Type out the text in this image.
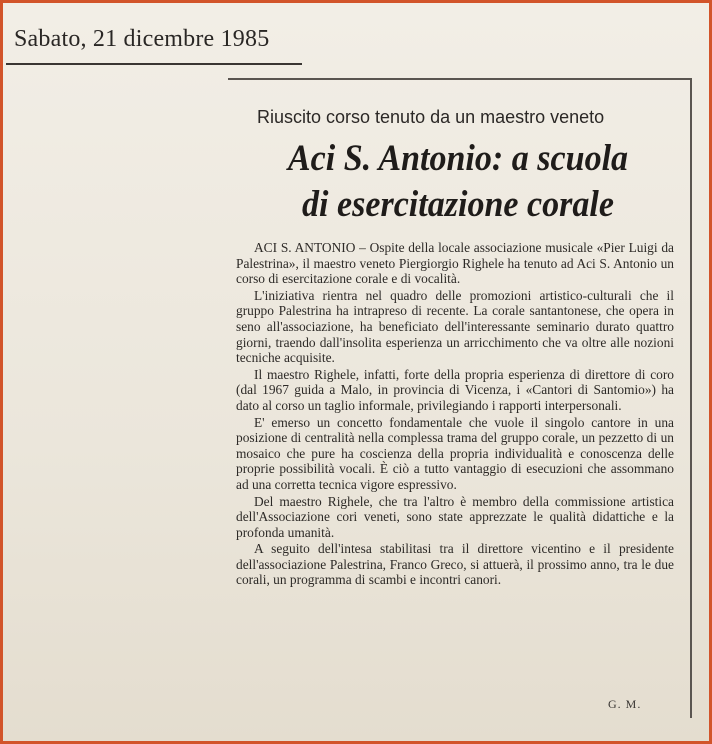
Sabato, 21 dicembre 1985
Riuscito corso tenuto da un maestro veneto
Aci S. Antonio: a scuola
di esercitazione corale

ACI S. ANTONIO – Ospite della locale associazione musicale «Pier Luigi da Palestrina», il maestro veneto Piergiorgio Righele ha tenuto ad Aci S. Antonio un corso di esercitazione corale e di vocalità.

L'iniziativa rientra nel quadro delle promozioni artistico-culturali che il gruppo Palestrina ha intrapreso di recente. La corale santantonese, che opera in seno all'associazione, ha beneficiato dell'interessante seminario durato quattro giorni, traendo dall'insolita esperienza un arricchimento che va oltre alle nozioni tecniche acquisite.

Il maestro Righele, infatti, forte della propria esperienza di direttore di coro (dal 1967 guida a Malo, in provincia di Vicenza, i «Cantori di Santomio») ha dato al corso un taglio informale, privilegiando i rapporti interpersonali.

E' emerso un concetto fondamentale che vuole il singolo cantore in una posizione di centralità nella complessa trama del gruppo corale, un pezzetto di un mosaico che pure ha coscienza della propria individualità e conoscenza delle proprie possibilità vocali. È ciò a tutto vantaggio di esecuzioni che assommano ad una corretta tecnica vigore espressivo.

Del maestro Righele, che tra l'altro è membro della commissione artistica dell'Associazione cori veneti, sono state apprezzate le qualità didattiche e la profonda umanità.

A seguito dell'intesa stabilitasi tra il direttore vicentino e il presidente dell'associazione Palestrina, Franco Greco, si attuerà, il prossimo anno, tra le due corali, un programma di scambi e incontri canori.

G. M.
